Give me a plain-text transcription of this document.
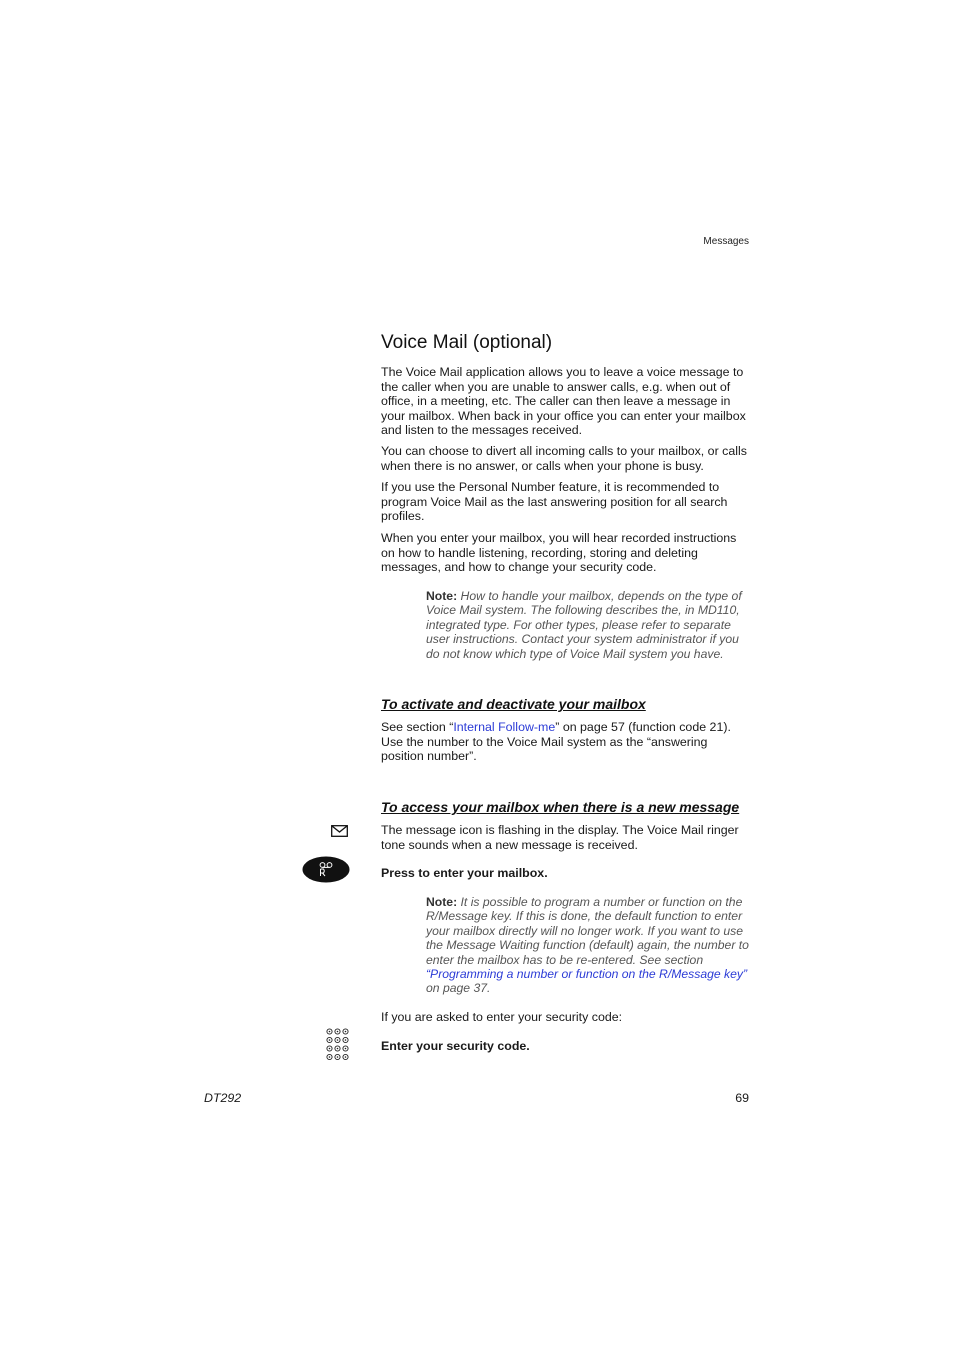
Messages
Voice Mail (optional)

The Voice Mail application allows you to leave a voice message to the caller when you are unable to answer calls, e.g. when out of office, in a meeting, etc. The caller can then leave a message in your mailbox. When back in your office you can enter your mailbox and listen to the messages received.

You can choose to divert all incoming calls to your mailbox, or calls when there is no answer, or calls when your phone is busy.

If you use the Personal Number feature, it is recommended to program Voice Mail as the last answering position for all search profiles.

When you enter your mailbox, you will hear recorded instructions on how to handle listening, recording, storing and deleting messages, and how to change your security code.

Note: How to handle your mailbox, depends on the type of Voice Mail system. The following describes the, in MD110, integrated type. For other types, please refer to separate user instructions. Contact your system administrator if you do not know which type of Voice Mail system you have.

To activate and deactivate your mailbox

See section “Internal Follow-me” on page 57 (function code 21). Use the number to the Voice Mail system as the “answering position number”.

To access your mailbox when there is a new message

The message icon is flashing in the display. The Voice Mail ringer tone sounds when a new message is received.

Press to enter your mailbox.

Note: It is possible to program a number or function on the R/Message key. If this is done, the default function to enter your mailbox directly will no longer work. If you want to use the Message Waiting function (default) again, the number to enter the mailbox has to be re-entered. See section “Programming a number or function on the R/Message key” on page 37.

If you are asked to enter your security code:

Enter your security code.
DT292	69
